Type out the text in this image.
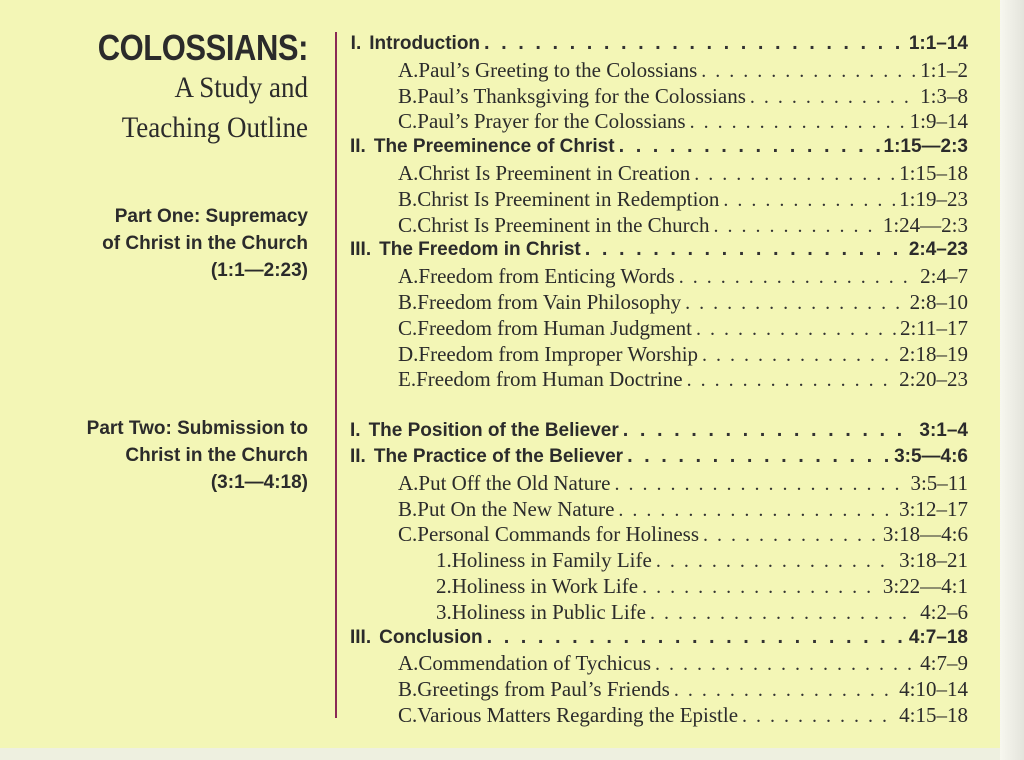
COLOSSIANS:
A Study and
Teaching Outline
Part One: Supremacy
of Christ in the Church
(1:1—2:23)
Part Two: Submission to
Christ in the Church
(3:1—4:18)
I. Introduction . . .	1:1–14
A. Paul’s Greeting to the Colossians . . .	1:1–2
B. Paul’s Thanksgiving for the Colossians . . .	1:3–8
C. Paul’s Prayer for the Colossians . . .	1:9–14
II. The Preeminence of Christ . . .	1:15—2:3
A. Christ Is Preeminent in Creation . . .	1:15–18
B. Christ Is Preeminent in Redemption . . .	1:19–23
C. Christ Is Preeminent in the Church . . .	1:24—2:3
III. The Freedom in Christ . . .	2:4–23
A. Freedom from Enticing Words . . .	2:4–7
B. Freedom from Vain Philosophy . . .	2:8–10
C. Freedom from Human Judgment . . .	2:11–17
D. Freedom from Improper Worship . . .	2:18–19
E. Freedom from Human Doctrine . . .	2:20–23
I. The Position of the Believer . . .	3:1–4
II. The Practice of the Believer . . .	3:5—4:6
A. Put Off the Old Nature . . .	3:5–11
B. Put On the New Nature . . .	3:12–17
C. Personal Commands for Holiness . . .	3:18—4:6
1. Holiness in Family Life . . .	3:18–21
2. Holiness in Work Life . . .	3:22—4:1
3. Holiness in Public Life . . .	4:2–6
III. Conclusion . . .	4:7–18
A. Commendation of Tychicus . . .	4:7–9
B. Greetings from Paul’s Friends . . .	4:10–14
C. Various Matters Regarding the Epistle . . .	4:15–18
